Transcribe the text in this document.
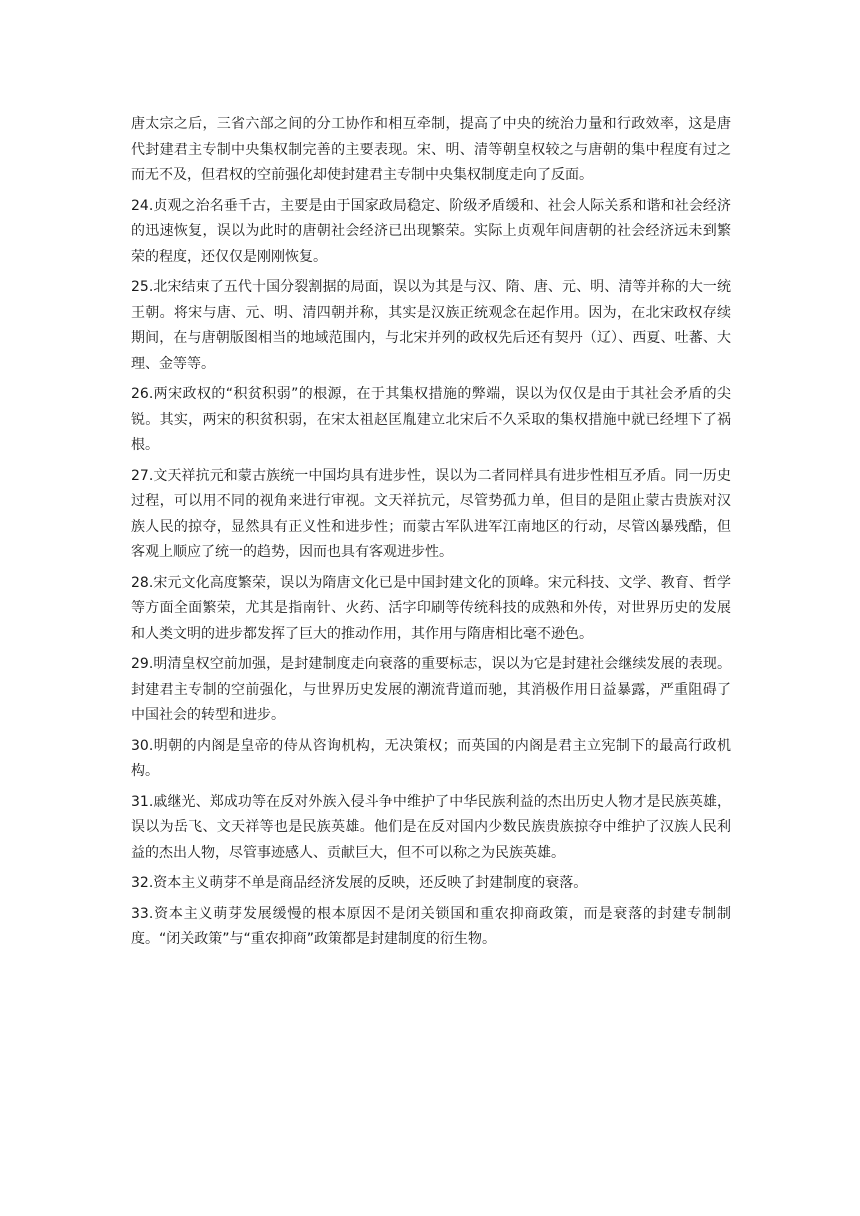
唐太宗之后，三省六部之间的分工协作和相互牵制，提高了中央的统治力量和行政效率，这是唐代封建君主专制中央集权制完善的主要表现。宋、明、清等朝皇权较之与唐朝的集中程度有过之而无不及，但君权的空前强化却使封建君主专制中央集权制度走向了反面。

24.贞观之治名垂千古，主要是由于国家政局稳定、阶级矛盾缓和、社会人际关系和谐和社会经济的迅速恢复，误以为此时的唐朝社会经济已出现繁荣。实际上贞观年间唐朝的社会经济远未到繁荣的程度，还仅仅是刚刚恢复。

25.北宋结束了五代十国分裂割据的局面，误以为其是与汉、隋、唐、元、明、清等并称的大一统王朝。将宋与唐、元、明、清四朝并称，其实是汉族正统观念在起作用。因为，在北宋政权存续期间，在与唐朝版图相当的地域范围内，与北宋并列的政权先后还有契丹（辽）、西夏、吐蕃、大理、金等等。

26.两宋政权的“积贫积弱”的根源，在于其集权措施的弊端，误以为仅仅是由于其社会矛盾的尖锐。其实，两宋的积贫积弱，在宋太祖赵匡胤建立北宋后不久采取的集权措施中就已经埋下了祸根。

27.文天祥抗元和蒙古族统一中国均具有进步性，误以为二者同样具有进步性相互矛盾。同一历史过程，可以用不同的视角来进行审视。文天祥抗元，尽管势孤力单，但目的是阻止蒙古贵族对汉族人民的掠夺，显然具有正义性和进步性；而蒙古军队进军江南地区的行动，尽管凶暴残酷，但客观上顺应了统一的趋势，因而也具有客观进步性。

28.宋元文化高度繁荣，误以为隋唐文化已是中国封建文化的顶峰。宋元科技、文学、教育、哲学等方面全面繁荣，尤其是指南针、火药、活字印刷等传统科技的成熟和外传，对世界历史的发展和人类文明的进步都发挥了巨大的推动作用，其作用与隋唐相比毫不逊色。

29.明清皇权空前加强，是封建制度走向衰落的重要标志，误以为它是封建社会继续发展的表现。封建君主专制的空前强化，与世界历史发展的潮流背道而驰，其消极作用日益暴露，严重阻碍了中国社会的转型和进步。

30.明朝的内阁是皇帝的侍从咨询机构，无决策权；而英国的内阁是君主立宪制下的最高行政机构。

31.戚继光、郑成功等在反对外族入侵斗争中维护了中华民族利益的杰出历史人物才是民族英雄，误以为岳飞、文天祥等也是民族英雄。他们是在反对国内少数民族贵族掠夺中维护了汉族人民利益的杰出人物，尽管事迹感人、贡献巨大，但不可以称之为民族英雄。

32.资本主义萌芽不单是商品经济发展的反映，还反映了封建制度的衰落。

33.资本主义萌芽发展缓慢的根本原因不是闭关锁国和重农抑商政策，而是衰落的封建专制制度。“闭关政策”与“重农抑商”政策都是封建制度的衍生物。
